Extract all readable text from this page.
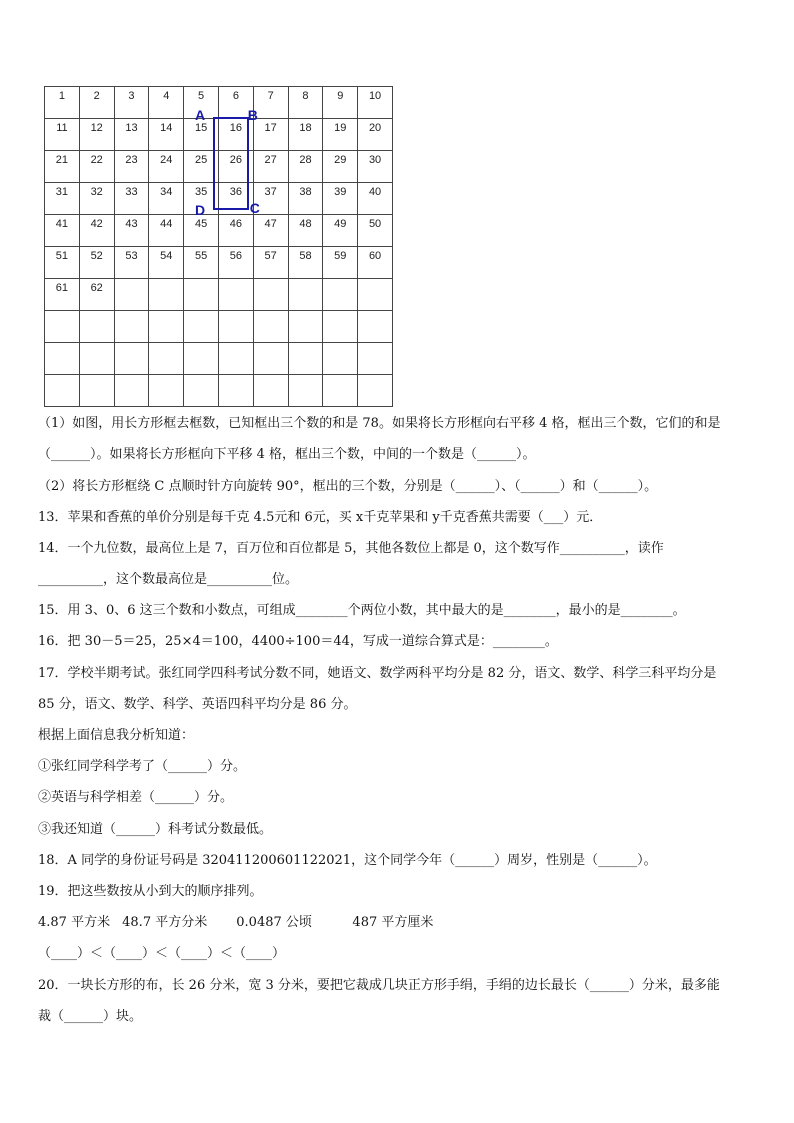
1	2	3	4	5	6	7	8	9	10
11	12	13	14	15	16	17	18	19	20
21	22	23	24	25	26	27	28	29	30
31	32	33	34	35	36	37	38	39	40
41	42	43	44	45	46	47	48	49	50
51	52	53	54	55	56	57	58	59	60
61	62								

A	B
C
D
（1）如图，用长方形框去框数，已知框出三个数的和是 78。如果将长方形框向右平移 4 格，框出三个数，它们的和是
（______）。如果将长方形框向下平移 4 格，框出三个数，中间的一个数是（______）。
（2）将长方形框绕 C 点顺时针方向旋转 90°，框出的三个数，分别是（______）、（______）和（______）。
13．苹果和香蕉的单价分别是每千克 4.5元和 6元，买 x千克苹果和 y千克香蕉共需要（___）元．
14．一个九位数，最高位上是 7，百万位和百位都是 5，其他各数位上都是 0，这个数写作__________，读作
__________，这个数最高位是__________位。
15．用 3、0、6 这三个数和小数点，可组成________个两位小数，其中最大的是________，最小的是________。
16．把 30－5＝25，25×4＝100，4400÷100＝44，写成一道综合算式是：________。
17．学校半期考试。张红同学四科考试分数不同，她语文、数学两科平均分是 82 分，语文、数学、科学三科平均分是
85 分，语文、数学、科学、英语四科平均分是 86 分。
根据上面信息我分析知道：
①张红同学科学考了（______）分。
②英语与科学相差（______）分。
③我还知道（______）科考试分数最低。
18．A 同学的身份证号码是 320411200601122021，这个同学今年（______）周岁，性别是（______）。
19．把这些数按从小到大的顺序排列。
4.87 平方米 48.7 平方分米 0.0487 公顷	487 平方厘米
（____）＜（____）＜（____）＜（____）
20．一块长方形的布，长 26 分米，宽 3 分米，要把它裁成几块正方形手绢，手绢的边长最长（______）分米，最多能
裁（______）块。
